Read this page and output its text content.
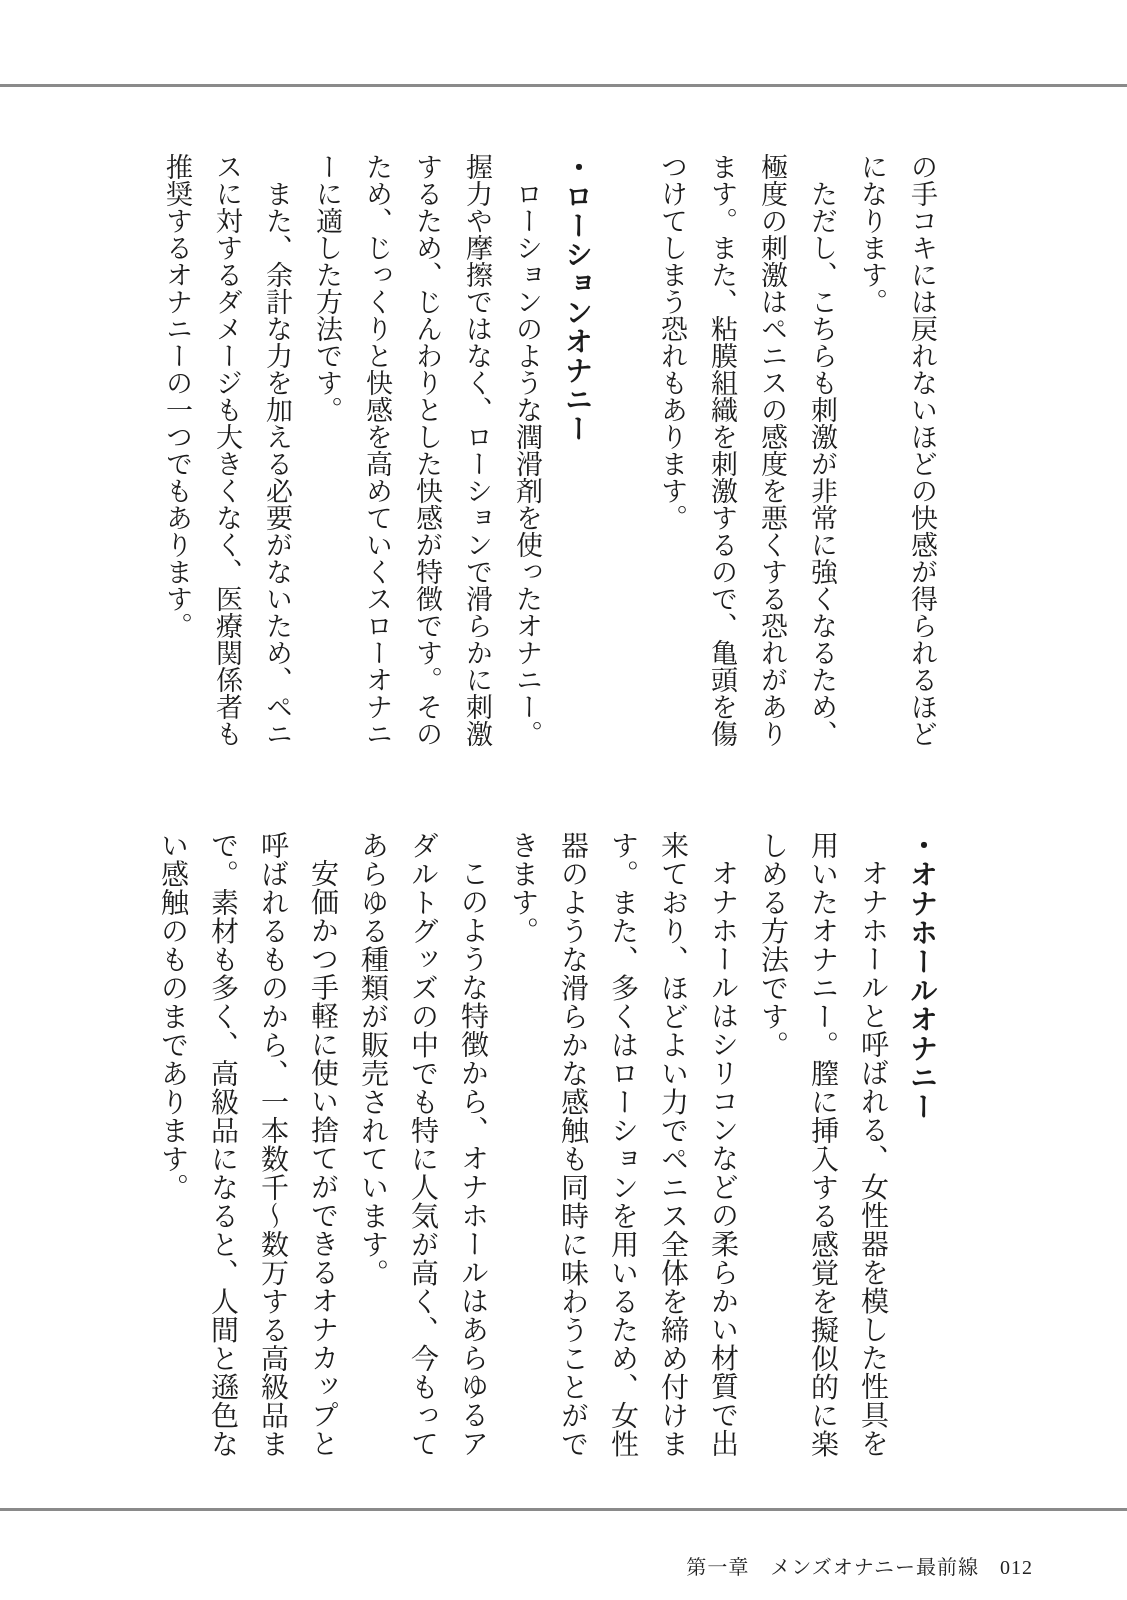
の手コキには戻れないほどの快感が得られるほどになります。

ただし、こちらも刺激が非常に強くなるため、極度の刺激はペニスの感度を悪くする恐れがあります。また、粘膜組織を刺激するので、亀頭を傷つけてしまう恐れもあります。

・ローションオナニー

ローションのような潤滑剤を使ったオナニー。握力や摩擦ではなく、ローションで滑らかに刺激するため、じんわりとした快感が特徴です。そのため、じっくりと快感を高めていくスローオナニーに適した方法です。

また、余計な力を加える必要がないため、ペニスに対するダメージも大きくなく、医療関係者も推奨するオナニーの一つでもあります。

・オナホールオナニー

オナホールと呼ばれる、女性器を模した性具を用いたオナニー。膣に挿入する感覚を擬似的に楽しめる方法です。

オナホールはシリコンなどの柔らかい材質で出来ており、ほどよい力でペニス全体を締め付けます。また、多くはローションを用いるため、女性器のような滑らかな感触も同時に味わうことができます。

このような特徴から、オナホールはあらゆるアダルトグッズの中でも特に人気が高く、今もってあらゆる種類が販売されています。

安価かつ手軽に使い捨てができるオナカップと呼ばれるものから、一本数千〜数万する高級品まで。素材も多く、高級品になると、人間と遜色ない感触のものまであります。

第一章　メンズオナニー最前線　012
